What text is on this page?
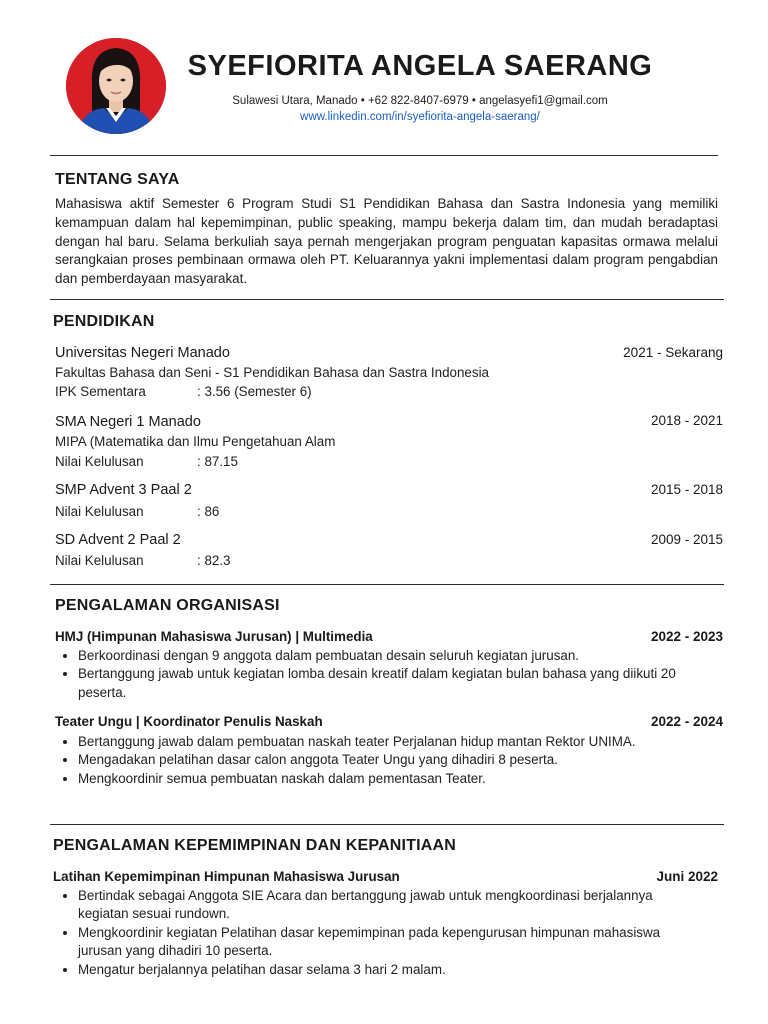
SYEFIORITA ANGELA SAERANG
Sulawesi Utara, Manado • +62 822-8407-6979 • angelasyefi1@gmail.com
www.linkedin.com/in/syefiorita-angela-saerang/
TENTANG SAYA
Mahasiswa aktif Semester 6 Program Studi S1 Pendidikan Bahasa dan Sastra Indonesia yang memiliki kemampuan dalam hal kepemimpinan, public speaking, mampu bekerja dalam tim, dan mudah beradaptasi dengan hal baru. Selama berkuliah saya pernah mengerjakan program penguatan kapasitas ormawa melalui serangkaian proses pembinaan ormawa oleh PT. Keluarannya yakni implementasi dalam program pengabdian dan pemberdayaan masyarakat.
PENDIDIKAN
Universitas Negeri Manado	2021 - Sekarang
Fakultas Bahasa dan Seni - S1 Pendidikan Bahasa dan Sastra Indonesia
IPK Sementara	: 3.56 (Semester 6)
SMA Negeri 1 Manado	2018 - 2021
MIPA (Matematika dan Ilmu Pengetahuan Alam
Nilai Kelulusan	: 87.15
SMP Advent 3 Paal 2	2015 - 2018
Nilai Kelulusan	: 86
SD Advent 2 Paal 2	2009 - 2015
Nilai Kelulusan	: 82.3
PENGALAMAN ORGANISASI
HMJ (Himpunan Mahasiswa Jurusan) | Multimedia	2022 - 2023
• Berkoordinasi dengan 9 anggota dalam pembuatan desain seluruh kegiatan jurusan.
• Bertanggung jawab untuk kegiatan lomba desain kreatif dalam kegiatan bulan bahasa yang diikuti 20 peserta.
Teater Ungu | Koordinator Penulis Naskah	2022 - 2024
• Bertanggung jawab dalam pembuatan naskah teater Perjalanan hidup mantan Rektor UNIMA.
• Mengadakan pelatihan dasar calon anggota Teater Ungu yang dihadiri 8 peserta.
• Mengkoordinir semua pembuatan naskah dalam pementasan Teater.
PENGALAMAN KEPEMIMPINAN DAN KEPANITIAAN
Latihan Kepemimpinan Himpunan Mahasiswa Jurusan	Juni 2022
• Bertindak sebagai Anggota SIE Acara dan bertanggung jawab untuk mengkoordinasi berjalannya kegiatan sesuai rundown.
• Mengkoordinir kegiatan Pelatihan dasar kepemimpinan pada kepengurusan himpunan mahasiswa jurusan yang dihadiri 10 peserta.
• Mengatur berjalannya pelatihan dasar selama 3 hari 2 malam.
